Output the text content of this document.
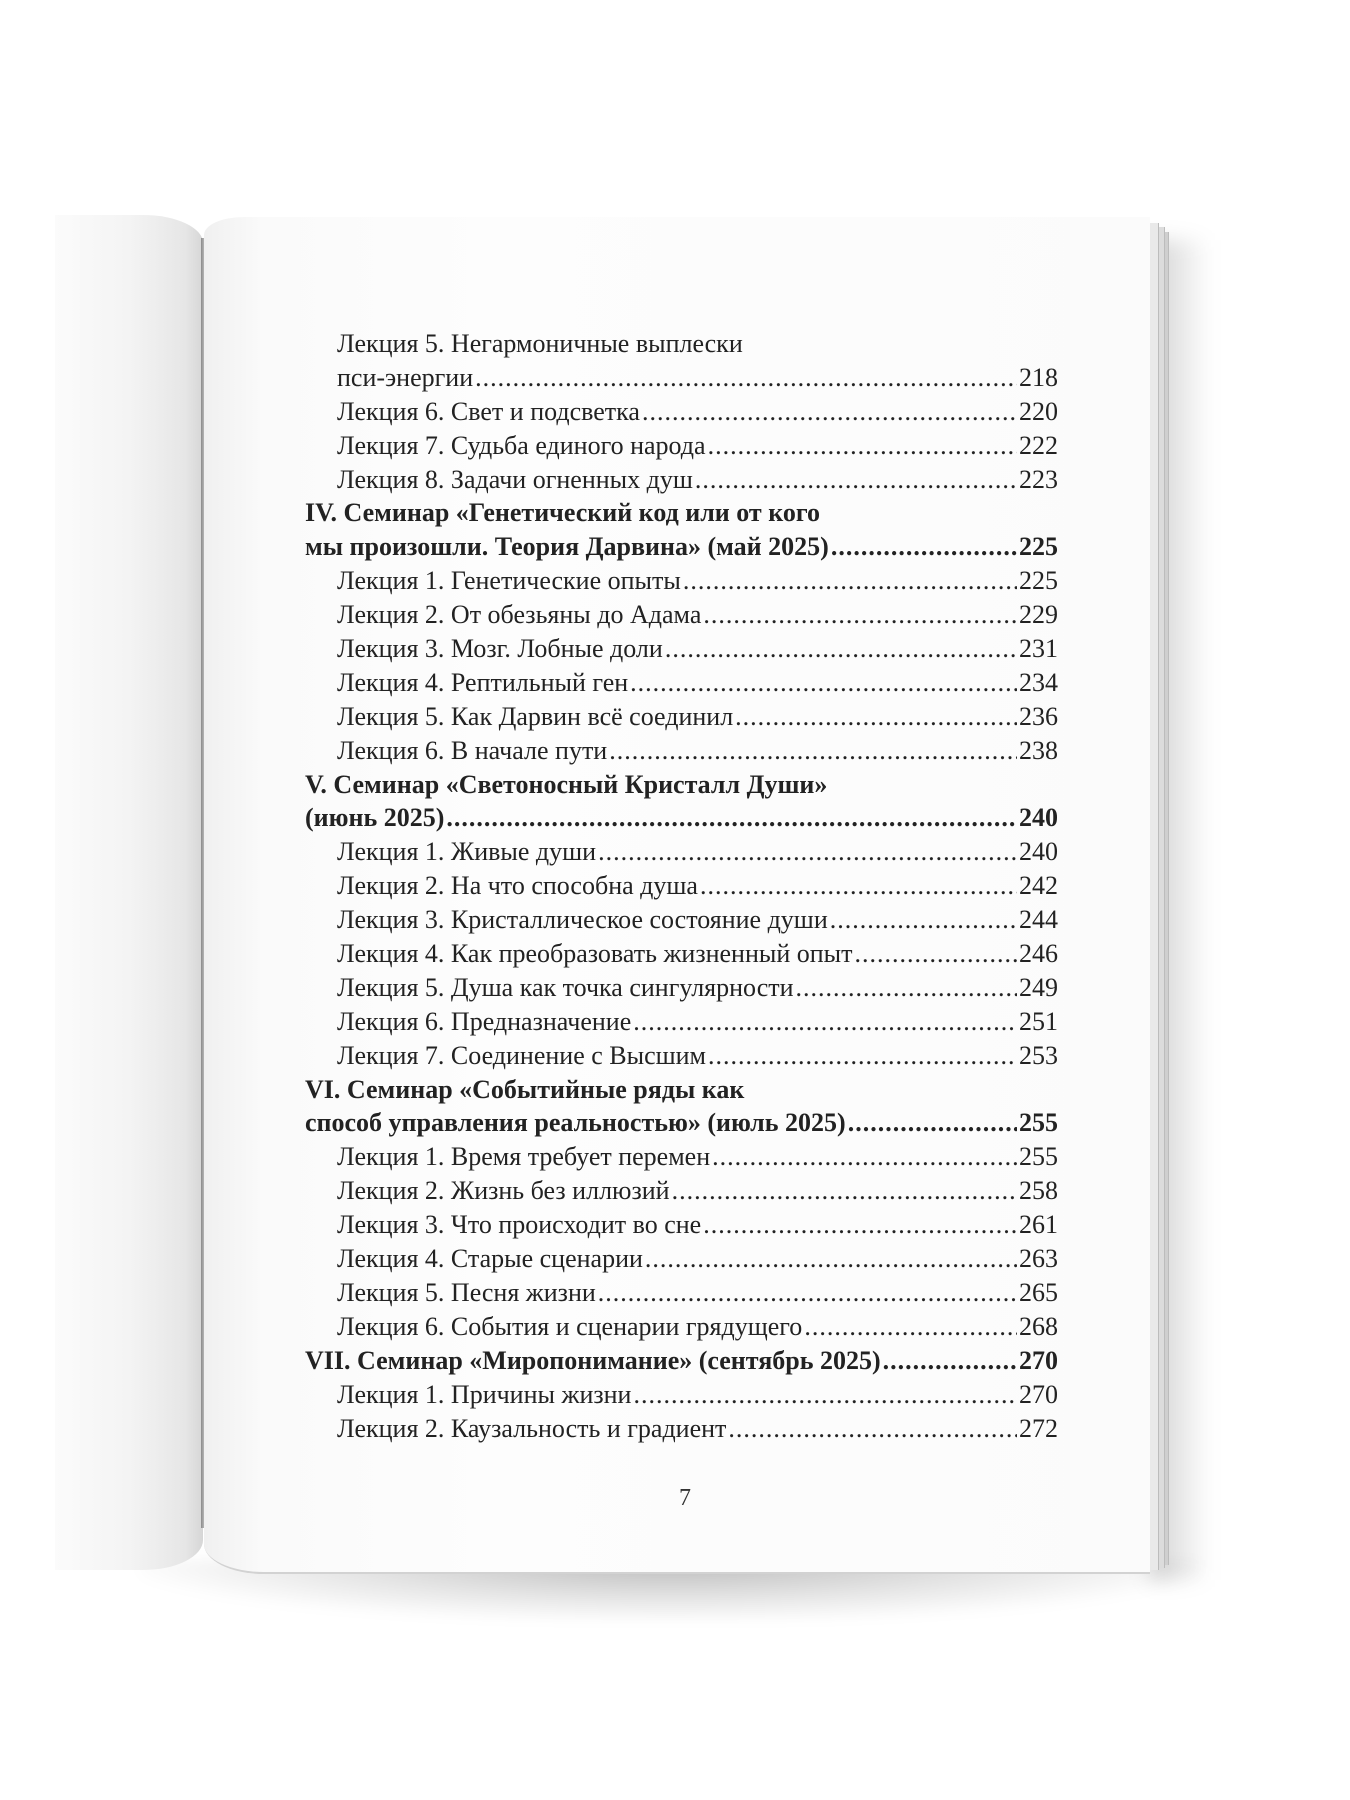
Лекция 5. Негармоничные выплески
пси-энергии .....	218
Лекция 6. Свет и подсветка .....	220
Лекция 7. Судьба единого народа .....	222
Лекция 8. Задачи огненных душ .....	223
IV. Семинар «Генетический код или от кого
мы произошли. Теория Дарвина» (май 2025) .....	225
Лекция 1. Генетические опыты .....	225
Лекция 2. От обезьяны до Адама .....	229
Лекция 3. Мозг. Лобные доли .....	231
Лекция 4. Рептильный ген .....	234
Лекция 5. Как Дарвин всё соединил .....	236
Лекция 6. В начале пути .....	238
V. Семинар «Светоносный Кристалл Души»
(июнь 2025) .....	240
Лекция 1. Живые души .....	240
Лекция 2. На что способна душа .....	242
Лекция 3. Кристаллическое состояние души .....	244
Лекция 4. Как преобразовать жизненный опыт .....	246
Лекция 5. Душа как точка сингулярности .....	249
Лекция 6. Предназначение .....	251
Лекция 7. Соединение с Высшим .....	253
VI. Семинар «Событийные ряды как
способ управления реальностью» (июль 2025) .....	255
Лекция 1. Время требует перемен .....	255
Лекция 2. Жизнь без иллюзий .....	258
Лекция 3. Что происходит во сне .....	261
Лекция 4. Старые сценарии .....	263
Лекция 5. Песня жизни .....	265
Лекция 6. События и сценарии грядущего .....	268
VII. Семинар «Миропонимание» (сентябрь 2025) .....	270
Лекция 1. Причины жизни .....	270
Лекция 2. Каузальность и градиент .....	272
7
